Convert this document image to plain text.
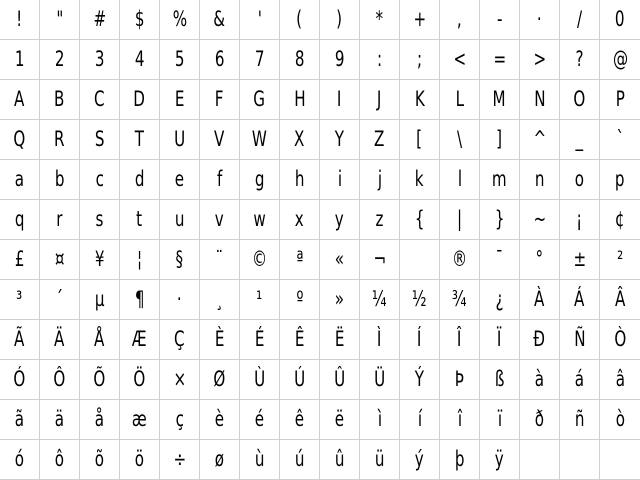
! " # $ % & ' ( ) * + , - · / 0
1 2 3 4 5 6 7 8 9 : ; < = > ? @
A B C D E F G H I J K L M N O P
Q R S T U V W X Y Z [ \ ] ^ _ `
a b c d e f g h i j k l m n o p
q r s t u v w x y z { | } ~ ¡ ¢
£ ¤ ¥ ¦ § ¨ © ª « ¬	® ¯ ° ± ²
³ ´ µ ¶ · ¸ ¹ º » ¼ ½ ¾ ¿ À Á Â
Ã Ä Å Æ Ç È É Ê Ë Ì Í Î Ï Ð Ñ Ò
Ó Ô Õ Ö × Ø Ù Ú Û Ü Ý Þ ß à á â
ã ä å æ ç è é ê ë ì í î ï ð ñ ò
ó ô õ ö ÷ ø ù ú û ü ý þ ÿ
